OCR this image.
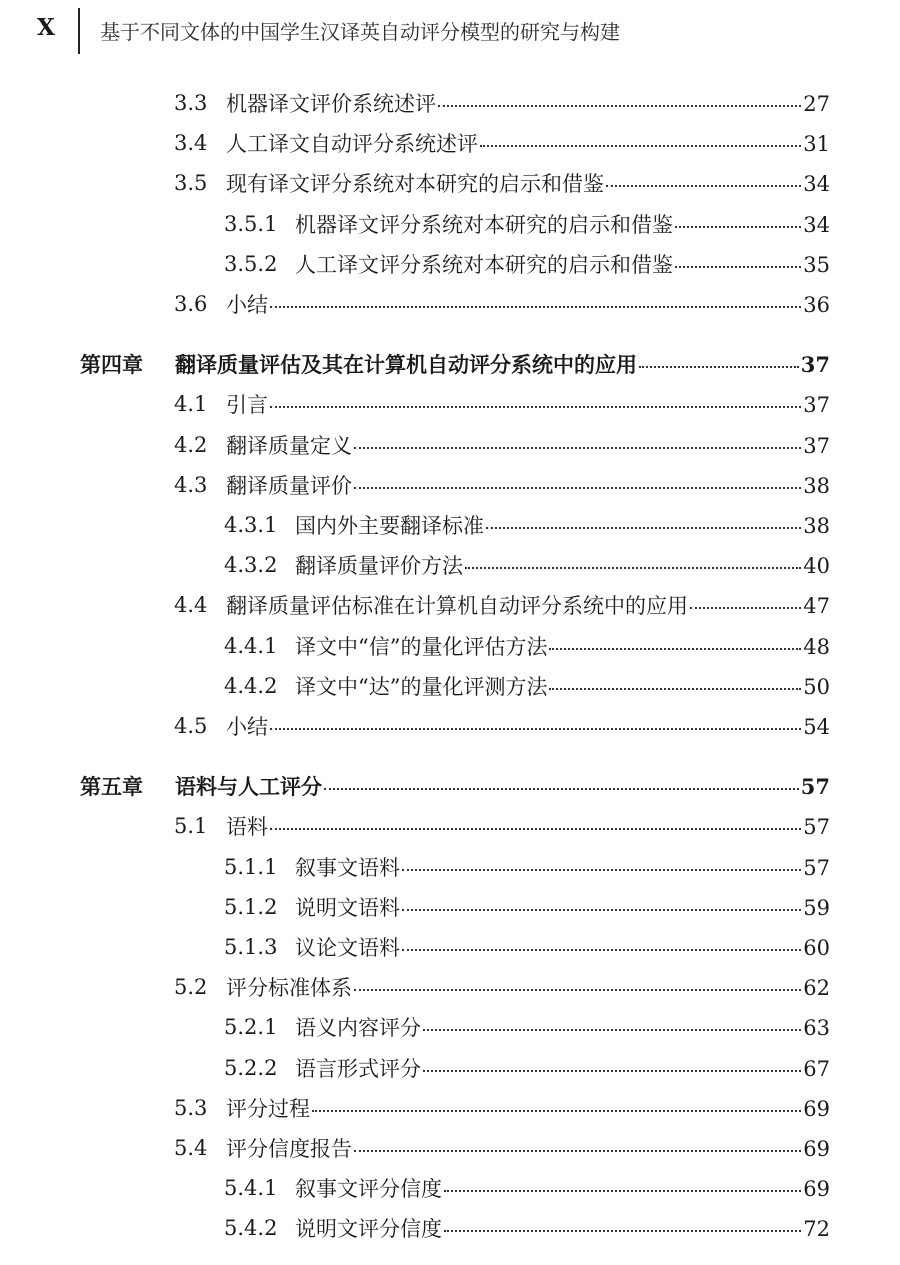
X 基于不同文体的中国学生汉译英自动评分模型的研究与构建
3.3 机器译文评价系统述评	27
3.4 人工译文自动评分系统述评	31
3.5 现有译文评分系统对本研究的启示和借鉴	34
3.5.1 机器译文评分系统对本研究的启示和借鉴	34
3.5.2 人工译文评分系统对本研究的启示和借鉴	35
3.6 小结	36
第四章 翻译质量评估及其在计算机自动评分系统中的应用	37
4.1 引言	37
4.2 翻译质量定义	37
4.3 翻译质量评价	38
4.3.1 国内外主要翻译标准	38
4.3.2 翻译质量评价方法	40
4.4 翻译质量评估标准在计算机自动评分系统中的应用	47
4.4.1 译文中“信”的量化评估方法	48
4.4.2 译文中“达”的量化评测方法	50
4.5 小结	54
第五章 语料与人工评分	57
5.1 语料	57
5.1.1 叙事文语料	57
5.1.2 说明文语料	59
5.1.3 议论文语料	60
5.2 评分标准体系	62
5.2.1 语义内容评分	63
5.2.2 语言形式评分	67
5.3 评分过程	69
5.4 评分信度报告	69
5.4.1 叙事文评分信度	69
5.4.2 说明文评分信度	72
